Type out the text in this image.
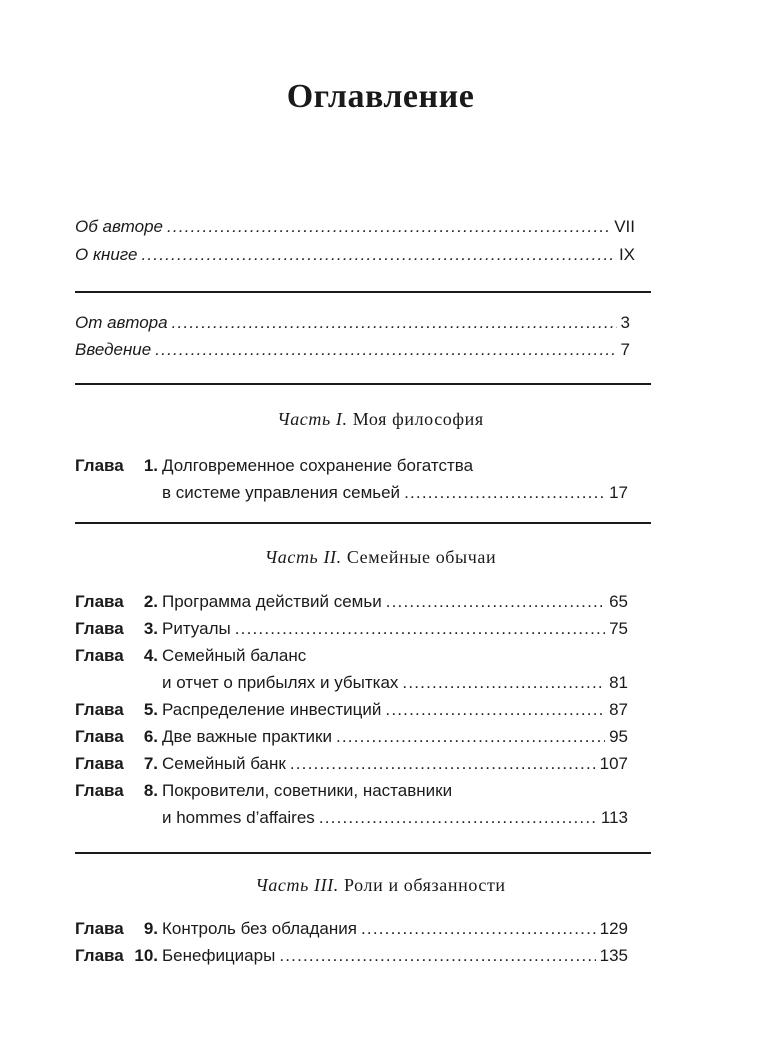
Оглавление
Об авторе .....	VII
О книге .....	IX
От автора .....	3
Введение .....	7
Часть I. Моя философия
Глава	1. Долговременное сохранение богатства
в системе управления семьей .....	17
Часть II. Семейные обычаи
Глава	2. Программа действий семьи .....	65
Глава	3. Ритуалы .....	75
Глава	4. Семейный баланс
и отчет о прибылях и убытках .....	81
Глава	5. Распределение инвестиций .....	87
Глава	6. Две важные практики .....	95
Глава	7. Семейный банк .....	107
Глава	8. Покровители, советники, наставники
и hommes d’affaires .....	113
Часть III. Роли и обязанности
Глава	9. Контроль без обладания .....	129
Глава 10. Бенефициары .....	135
